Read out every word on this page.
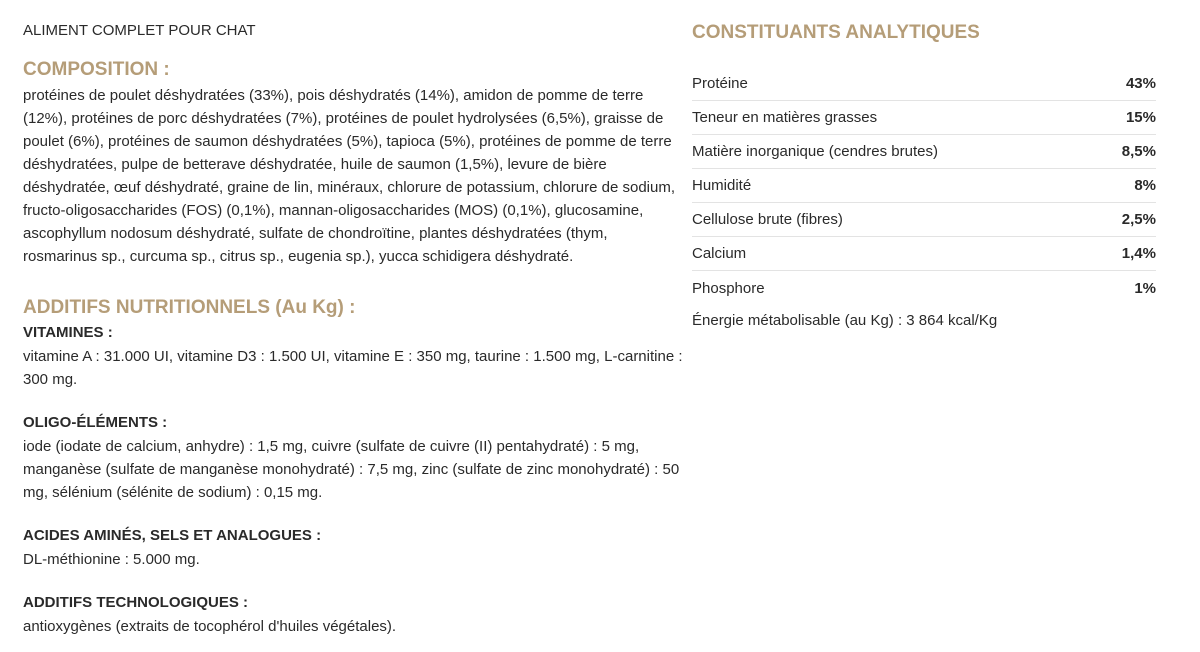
ALIMENT COMPLET POUR CHAT

COMPOSITION :

protéines de poulet déshydratées (33%), pois déshydratés (14%), amidon de pomme de terre (12%), protéines de porc déshydratées (7%), protéines de poulet hydrolysées (6,5%), graisse de poulet (6%), protéines de saumon déshydratées (5%), tapioca (5%), protéines de pomme de terre déshydratées, pulpe de betterave déshydratée, huile de saumon (1,5%), levure de bière déshydratée, œuf déshydraté, graine de lin, minéraux, chlorure de potassium, chlorure de sodium, fructo-oligosaccharides (FOS) (0,1%), mannan-oligosaccharides (MOS) (0,1%), glucosamine, ascophyllum nodosum déshydraté, sulfate de chondroïtine, plantes déshydratées (thym, rosmarinus sp., curcuma sp., citrus sp., eugenia sp.), yucca schidigera déshydraté.

ADDITIFS NUTRITIONNELS (Au Kg) :

VITAMINES :

vitamine A : 31.000 UI, vitamine D3 : 1.500 UI, vitamine E : 350 mg, taurine : 1.500 mg, L-carnitine : 300 mg.

OLIGO-ÉLÉMENTS :

iode (iodate de calcium, anhydre) : 1,5 mg, cuivre (sulfate de cuivre (II) pentahydraté) : 5 mg, manganèse (sulfate de manganèse monohydraté) : 7,5 mg, zinc (sulfate de zinc monohydraté) : 50 mg, sélénium (sélénite de sodium) : 0,15 mg.

ACIDES AMINÉS, SELS ET ANALOGUES :

DL-méthionine : 5.000 mg.

ADDITIFS TECHNOLOGIQUES :

antioxygènes (extraits de tocophérol d'huiles végétales).

CONSTITUANTS ANALYTIQUES
Protéine	43%
Teneur en matières grasses	15%
Matière inorganique (cendres brutes)	8,5%
Humidité	8%
Cellulose brute (fibres)	2,5%
Calcium	1,4%
Phosphore	1%

Énergie métabolisable (au Kg) : 3 864 kcal/Kg
